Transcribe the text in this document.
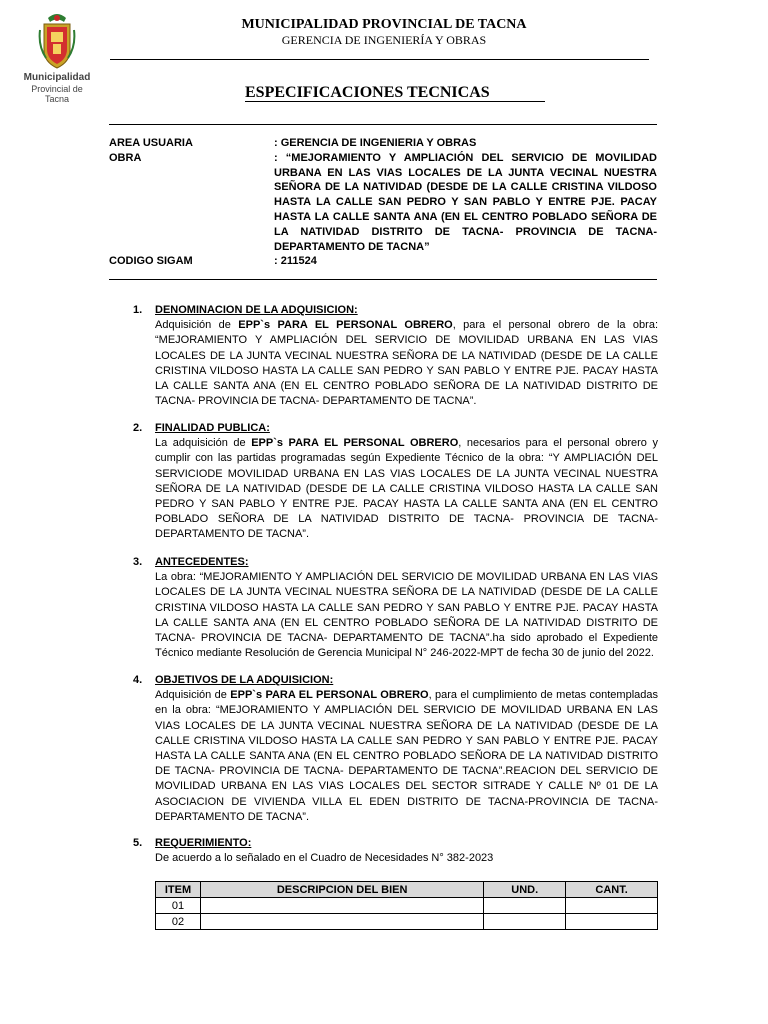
Municipalidad
Provincial de Tacna
MUNICIPALIDAD PROVINCIAL DE TACNA
GERENCIA DE INGENIERÍA Y OBRAS
ESPECIFICACIONES TECNICAS
AREA USUARIA	: GERENCIA DE INGENIERIA Y OBRAS
OBRA	: “MEJORAMIENTO Y AMPLIACIÓN DEL SERVICIO DE MOVILIDAD URBANA EN LAS VIAS LOCALES DE LA JUNTA VECINAL NUESTRA SEÑORA DE LA NATIVIDAD (DESDE DE LA CALLE CRISTINA VILDOSO HASTA LA CALLE SAN PEDRO Y SAN PABLO Y ENTRE PJE. PACAY HASTA LA CALLE SANTA ANA (EN EL CENTRO POBLADO SEÑORA DE LA NATIVIDAD DISTRITO DE TACNA- PROVINCIA DE TACNA- DEPARTAMENTO DE TACNA”
CODIGO SIGAM	: 211524
1.	DENOMINACION DE LA ADQUISICION:
Adquisición de EPP`s PARA EL PERSONAL OBRERO, para el personal obrero de la obra: “MEJORAMIENTO Y AMPLIACIÓN DEL SERVICIO DE MOVILIDAD URBANA EN LAS VIAS LOCALES DE LA JUNTA VECINAL NUESTRA SEÑORA DE LA NATIVIDAD (DESDE DE LA CALLE CRISTINA VILDOSO HASTA LA CALLE SAN PEDRO Y SAN PABLO Y ENTRE PJE. PACAY HASTA LA CALLE SANTA ANA (EN EL CENTRO POBLADO SEÑORA DE LA NATIVIDAD DISTRITO DE TACNA- PROVINCIA DE TACNA- DEPARTAMENTO DE TACNA”.
2.	FINALIDAD PUBLICA:
La adquisición de EPP`s PARA EL PERSONAL OBRERO, necesarios para el personal obrero y cumplir con las partidas programadas según Expediente Técnico de la obra: “Y AMPLIACIÓN DEL SERVICIODE MOVILIDAD URBANA EN LAS VIAS LOCALES DE LA JUNTA VECINAL NUESTRA SEÑORA DE LA NATIVIDAD (DESDE DE LA CALLE CRISTINA VILDOSO HASTA LA CALLE SAN PEDRO Y SAN PABLO Y ENTRE PJE. PACAY HASTA LA CALLE SANTA ANA (EN EL CENTRO POBLADO SEÑORA DE LA NATIVIDAD DISTRITO DE TACNA- PROVINCIA DE TACNA- DEPARTAMENTO DE TACNA”.
3.	ANTECEDENTES:
La obra: “MEJORAMIENTO Y AMPLIACIÓN DEL SERVICIO DE MOVILIDAD URBANA EN LAS VIAS LOCALES DE LA JUNTA VECINAL NUESTRA SEÑORA DE LA NATIVIDAD (DESDE DE LA CALLE CRISTINA VILDOSO HASTA LA CALLE SAN PEDRO Y SAN PABLO Y ENTRE PJE. PACAY HASTA LA CALLE SANTA ANA (EN EL CENTRO POBLADO SEÑORA DE LA NATIVIDAD DISTRITO DE TACNA- PROVINCIA DE TACNA- DEPARTAMENTO DE TACNA”.ha sido aprobado el Expediente Técnico mediante Resolución de Gerencia Municipal N° 246-2022-MPT de fecha 30 de junio del 2022.
4.	OBJETIVOS DE LA ADQUISICION:
Adquisición de EPP`s PARA EL PERSONAL OBRERO, para el cumplimiento de metas contempladas en la obra: “MEJORAMIENTO Y AMPLIACIÓN DEL SERVICIO DE MOVILIDAD URBANA EN LAS VIAS LOCALES DE LA JUNTA VECINAL NUESTRA SEÑORA DE LA NATIVIDAD (DESDE DE LA CALLE CRISTINA VILDOSO HASTA LA CALLE SAN PEDRO Y SAN PABLO Y ENTRE PJE. PACAY HASTA LA CALLE SANTA ANA (EN EL CENTRO POBLADO SEÑORA DE LA NATIVIDAD DISTRITO DE TACNA- PROVINCIA DE TACNA- DEPARTAMENTO DE TACNA”.REACION DEL SERVICIO DE MOVILIDAD URBANA EN LAS VIAS LOCALES DEL SECTOR SITRADE Y CALLE Nº 01 DE LA ASOCIACION DE VIVIENDA VILLA EL EDEN DISTRITO DE TACNA-PROVINCIA DE TACNA-DEPARTAMENTO DE TACNA”.
5.	REQUERIMIENTO:
De acuerdo a lo señalado en el Cuadro de Necesidades N° 382-2023
ITEM	DESCRIPCION DEL BIEN	UND.	CANT.
01			
02			
